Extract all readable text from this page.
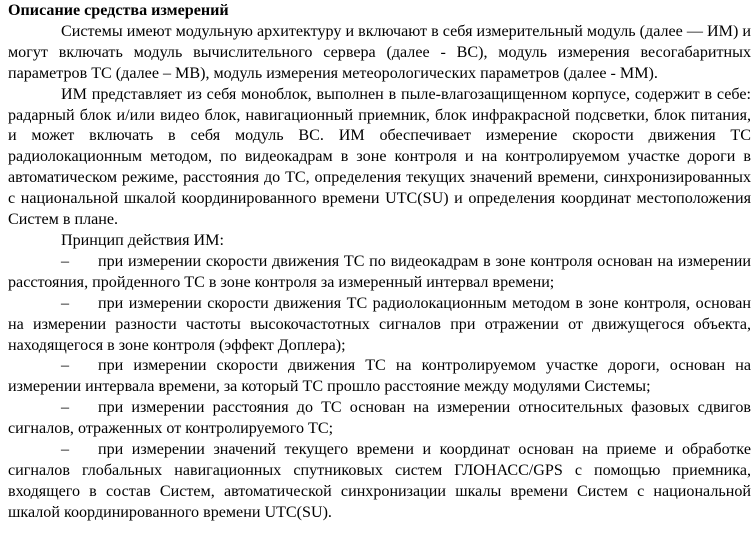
Описание средства измерений
Системы имеют модульную архитектуру и включают в себя измерительный модуль (далее — ИМ) и могут включать модуль вычислительного сервера (далее - ВС), модуль измерения весогабаритных параметров ТС (далее – МВ), модуль измерения метеорологических параметров (далее - ММ).
ИМ представляет из себя моноблок, выполнен в пыле-влагозащищенном корпусе, содержит в себе: радарный блок и/или видео блок, навигационный приемник, блок инфракрасной подсветки, блок питания, и может включать в себя модуль ВС. ИМ обеспечивает измерение скорости движения ТС радиолокационным методом, по видеокадрам в зоне контроля и на контролируемом участке дороги в автоматическом режиме, расстояния до ТС, определения текущих значений времени, синхронизированных с национальной шкалой координированного времени UTC(SU) и определения координат местоположения Систем в плане.
Принцип действия ИМ:
– при измерении скорости движения ТС по видеокадрам в зоне контроля основан на измерении расстояния, пройденного ТС в зоне контроля за измеренный интервал времени;
– при измерении скорости движения ТС радиолокационным методом в зоне контроля, основан на измерении разности частоты высокочастотных сигналов при отражении от движущегося объекта, находящегося в зоне контроля (эффект Доплера);
– при измерении скорости движения ТС на контролируемом участке дороги, основан на измерении интервала времени, за который ТС прошло расстояние между модулями Системы;
– при измерении расстояния до ТС основан на измерении относительных фазовых сдвигов сигналов, отраженных от контролируемого ТС;
– при измерении значений текущего времени и координат основан на приеме и обработке сигналов глобальных навигационных спутниковых систем ГЛОНАСС/GPS с помощью приемника, входящего в состав Систем, автоматической синхронизации шкалы времени Систем с национальной шкалой координированного времени UTC(SU).
